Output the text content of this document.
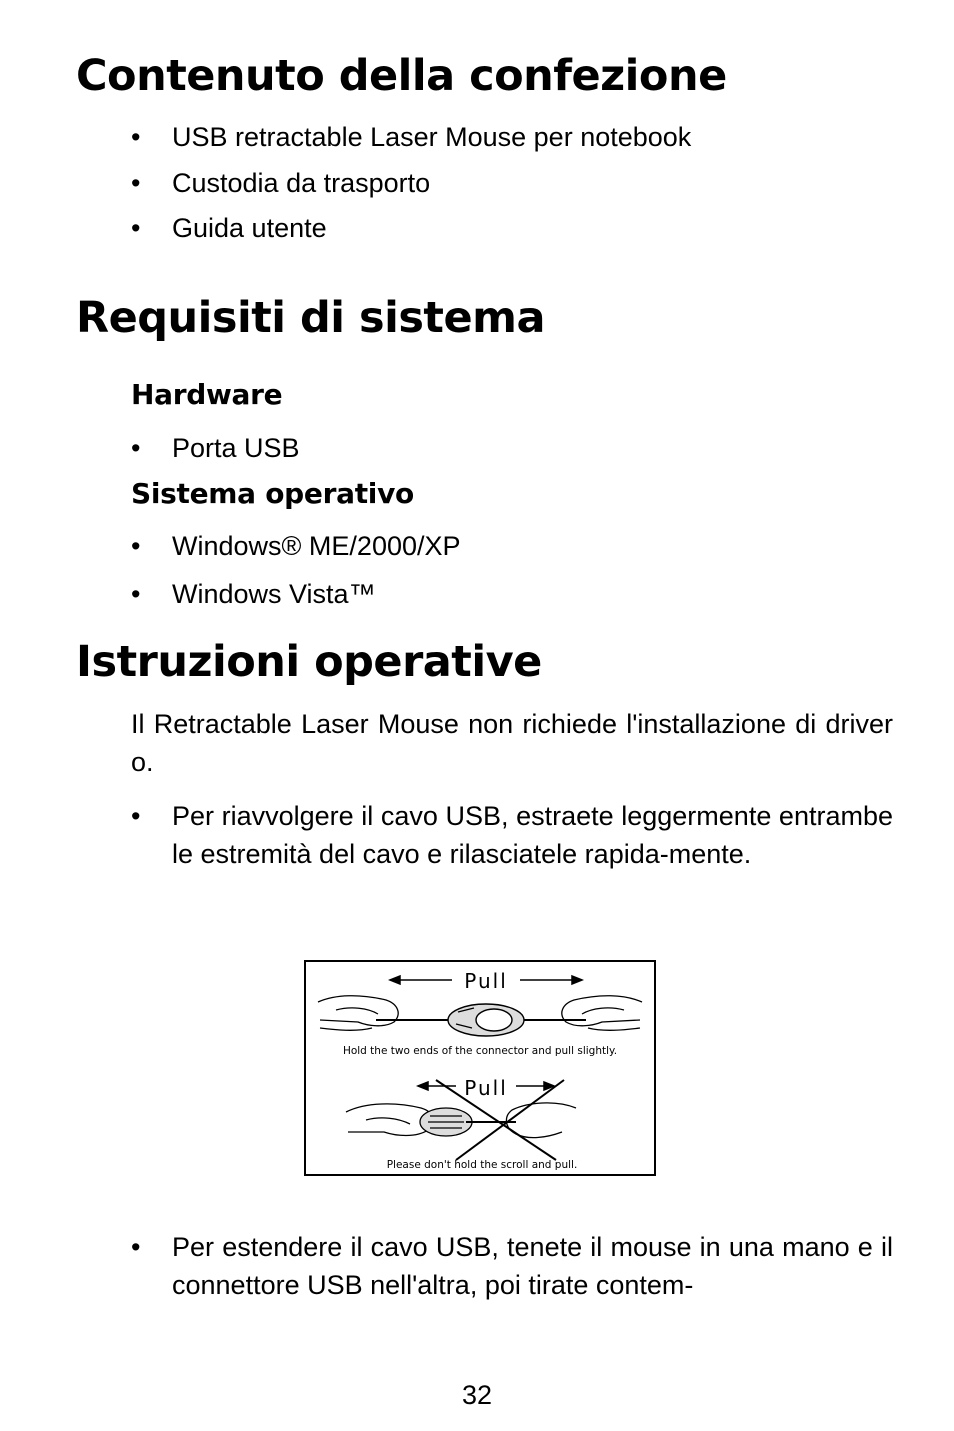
Contenuto della confezione
•	USB retractable Laser Mouse per notebook
•	Custodia da trasporto
•	Guida utente
Requisiti di sistema
Hardware
•	Porta USB
Sistema operativo
•	Windows® ME/2000/XP
•	Windows Vista™
Istruzioni operative

Il Retractable Laser Mouse non richiede l'installazione di driver o.

•	Per riavvolgere il cavo USB, estraete leggermente entrambe le estremità del cavo e rilasciatele rapida-mente.
Pull
Hold the two ends of the connector and pull slightly.
Pull
Please don't hold the scroll and pull.
•	Per estendere il cavo USB, tenete il mouse in una mano e il connettore USB nell'altra, poi tirate contem-
32
